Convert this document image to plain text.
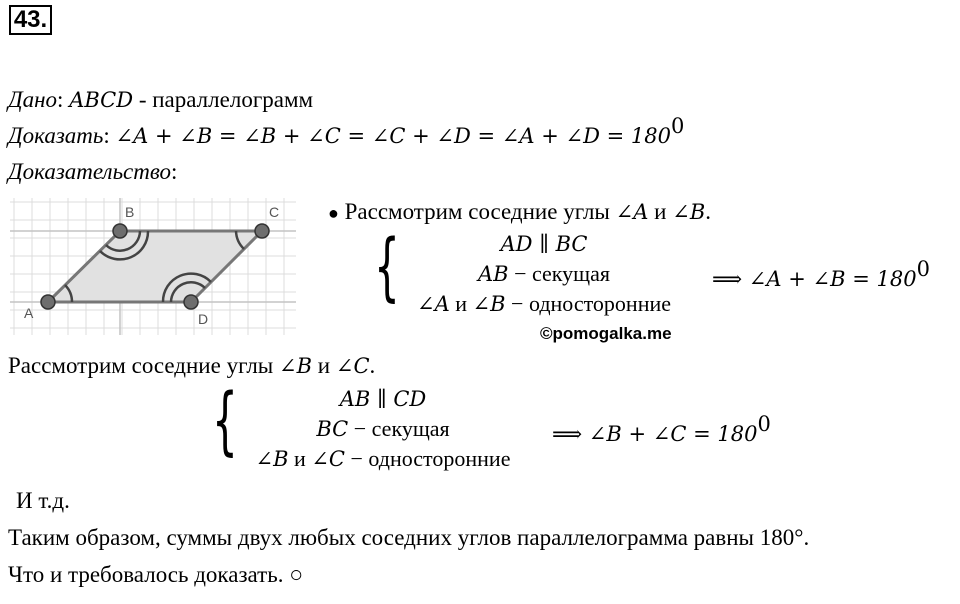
43.
Дано: ABCD - параллелограмм
Доказать: ∠A + ∠B = ∠B + ∠C = ∠C + ∠D = ∠A + ∠D = $180^0$
Доказательство:
A
B	C
D
● Рассмотрим соседние углы ∠A и ∠B.
{	AD ∥ BC
AB − секущая
∠A и ∠B − односторонние
⟹ ∠A + ∠B = $180^0$
©pomogalka.me
Рассмотрим соседние углы ∠B и ∠C.
{	AB ∥ CD
BC − секущая
∠B и ∠C − односторонние
⟹ ∠B + ∠C = $180^0$
И т.д.
Таким образом, суммы двух любых соседних углов параллелограмма равны 180°.
Что и требовалось доказать. ○
